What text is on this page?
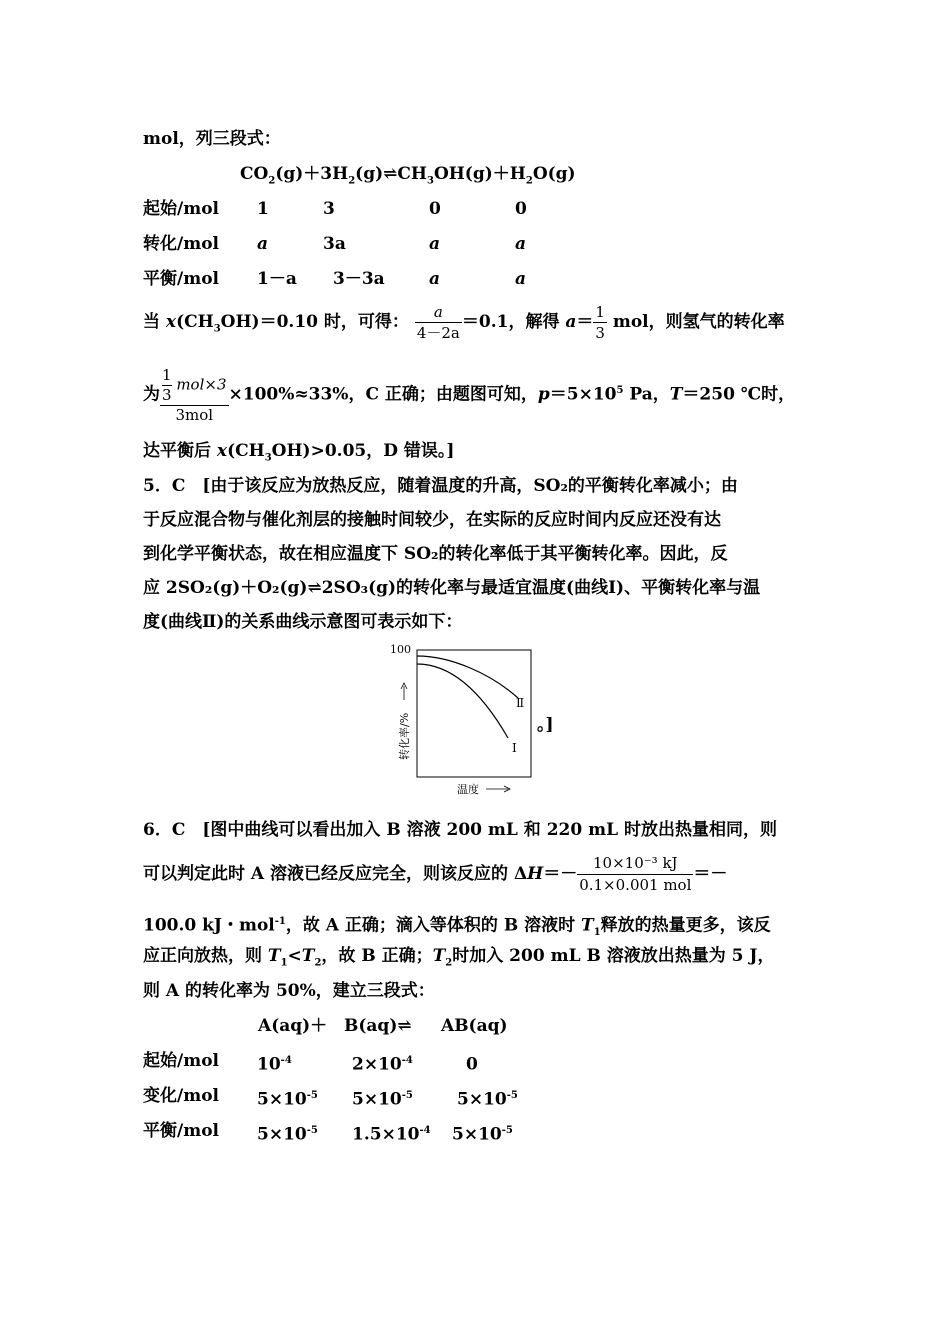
mol，列三段式：
$CO_2(g)+3H_2(g)\rightleftharpoons CH_3OH(g)+H_2O(g)$
起始/mol 1	3	0	0
转化/mol a	3a	a	a
平衡/mol 1－a 3－3a	a	a
当 $x(CH_3OH)=0.10$ 时，可得： $\frac{a}{4-2a} =0.1$，解得 $a= \frac{1}{3}$ mol，则氢气的转化率
为 $\frac{\frac{1}{3} mol\times 3}{\text{3mol}} \times 100\%\approx 33\%$，C 正确；由题图可知，$p=5\times 10^5$ Pa，T＝250 ℃时，
达平衡后 $x(CH_3OH)>0.05$，D 错误。]
5．C　[由于该反应为放热反应，随着温度的升高，SO₂的平衡转化率减小；由
于反应混合物与催化剂层的接触时间较少，在实际的反应时间内反应还没有达
到化学平衡状态，故在相应温度下 SO₂的转化率低于其平衡转化率。因此，反
应 2SO₂(g)＋O₂(g)⇌2SO₃(g)的转化率与最适宜温度(曲线Ⅰ)、平衡转化率与温
度(曲线Ⅱ)的关系曲线示意图可表示如下：
100
Ⅱ
Ⅰ
转化率/%
温度
。]
6．C　[图中曲线可以看出加入 B 溶液 200 mL 和 220 mL 时放出热量相同，则
可以判定此时 A 溶液已经反应完全，则该反应的 $\Delta H=- \frac{\text{10×10⁻³ kJ}}{\text{0.1×0.001 mol}}$ ＝－
100.0 kJ・mol$^{-1}$，故 A 正确；滴入等体积的 B 溶液时 $T_1$释放的热量更多，该反
应正向放热，则 $T_1<T_2$，故 B 正确；$T_2$时加入 200 mL B 溶液放出热量为 5 J，
则 A 的转化率为 50%，建立三段式：
A(aq)＋ B(aq)⇌ AB(aq)
起始/mol $10^{-4}$	$2\times 10^{-4}$	0
变化/mol $5\times 10^{-5}$ $5\times 10^{-5}$	$5\times 10^{-5}$
平衡/mol $5\times 10^{-5}$ $1.5\times 10^{-4}$ $5\times 10^{-5}$
